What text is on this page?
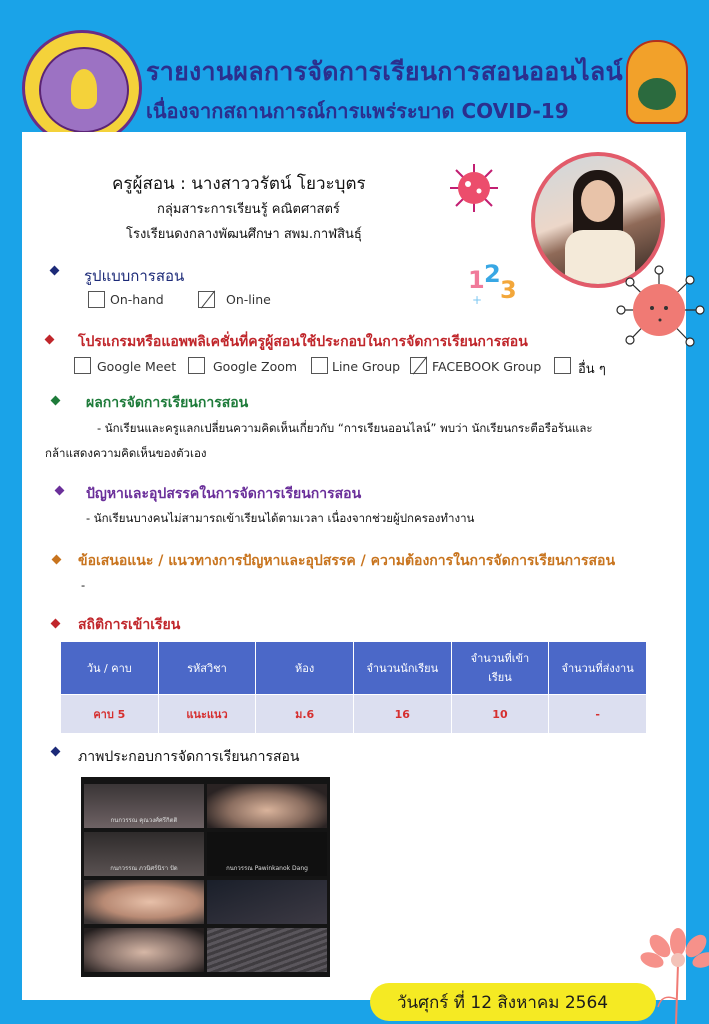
รายงานผลการจัดการเรียนการสอนออนไลน์
เนื่องจากสถานการณ์การแพร่ระบาด COVID-19
ครูผู้สอน : นางสาววรัตน์ โยวะบุตร
กลุ่มสาระการเรียนรู้ คณิตศาสตร์
โรงเรียนดงกลางพัฒนศึกษา สพม.กาฬสินธุ์
1 2
3
+
รูปแบบการสอน
On-hand	On-line
โปรแกรมหรือแอพพลิเคชั่นที่ครูผู้สอนใช้ประกอบในการจัดการเรียนการสอน
Google Meet	Google Zoom	Line Group	FACEBOOK Group	อื่น ๆ
ผลการจัดการเรียนการสอน
- นักเรียนและครูแลกเปลี่ยนความคิดเห็นเกี่ยวกับ “การเรียนออนไลน์” พบว่า นักเรียนกระตือรือร้นและ
กล้าแสดงความคิดเห็นของตัวเอง
ปัญหาและอุปสรรคในการจัดการเรียนการสอน
- นักเรียนบางคนไม่สามารถเข้าเรียนได้ตามเวลา เนื่องจากช่วยผู้ปกครองทำงาน
ข้อเสนอแนะ / แนวทางการปัญหาและอุปสรรค / ความต้องการในการจัดการเรียนการสอน
-
สถิติการเข้าเรียน
วัน / คาบ	รหัสวิชา	ห้อง	จำนวนนักเรียน	จำนวนที่เข้า
เรียน	จำนวนที่ส่งงาน
คาบ 5	แนะแนว	ม.6	16	10	-
ภาพประกอบการจัดการเรียนการสอน
กนกวรรณ คุณวงศ์ศรีกิตติ
กนกวรรณ ภวนิศร์นิรา ปัด	กนกวรรณ Pawinkanok Dang
วันศุกร์ ที่ 12 สิงหาคม 2564
